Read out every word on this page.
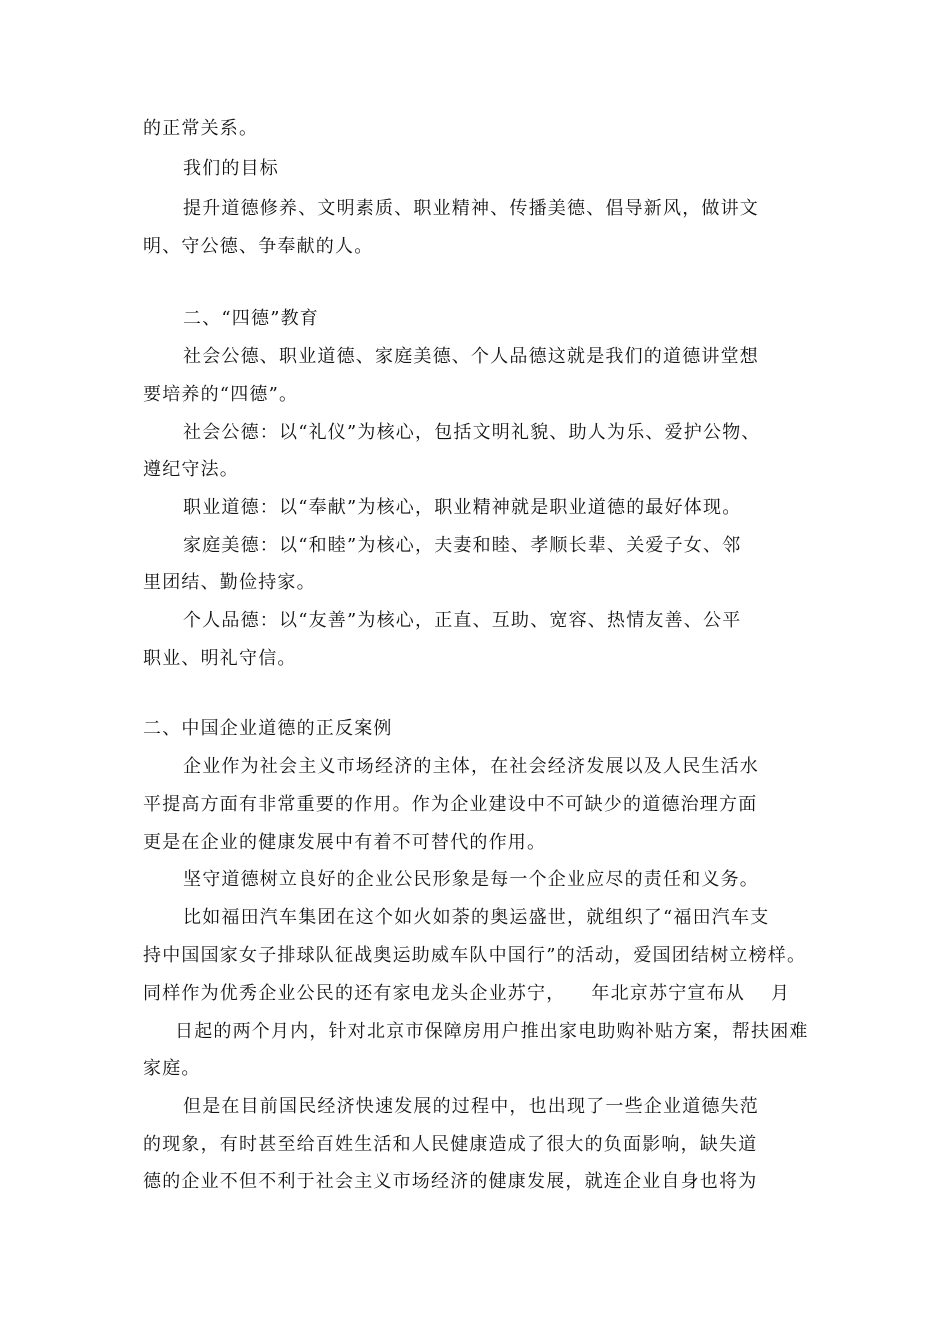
的正常关系。
我们的目标
提升道德修养、文明素质、职业精神、传播美德、倡导新风，做讲文
明、守公德、争奉献的人。
二、“四德”教育
社会公德、职业道德、家庭美德、个人品德这就是我们的道德讲堂想
要培养的“四德”。
社会公德：以“礼仪”为核心，包括文明礼貌、助人为乐、爱护公物、
遵纪守法。
职业道德：以“奉献”为核心，职业精神就是职业道德的最好体现。
家庭美德：以“和睦”为核心，夫妻和睦、孝顺长辈、关爱子女、邻
里团结、勤俭持家。
个人品德：以“友善”为核心，正直、互助、宽容、热情友善、公平
职业、明礼守信。
二、中国企业道德的正反案例
企业作为社会主义市场经济的主体，在社会经济发展以及人民生活水
平提高方面有非常重要的作用。作为企业建设中不可缺少的道德治理方面
更是在企业的健康发展中有着不可替代的作用。
坚守道德树立良好的企业公民形象是每一个企业应尽的责任和义务。
比如福田汽车集团在这个如火如荼的奥运盛世，就组织了“福田汽车支
持中国国家女子排球队征战奥运助威车队中国行”的活动，爱国团结树立榜样。
同样作为优秀企业公民的还有家电龙头企业苏宁， 年北京苏宁宣布从 月
日起的两个月内，针对北京市保障房用户推出家电助购补贴方案，帮扶困难
家庭。
但是在目前国民经济快速发展的过程中，也出现了一些企业道德失范
的现象，有时甚至给百姓生活和人民健康造成了很大的负面影响，缺失道
德的企业不但不利于社会主义市场经济的健康发展，就连企业自身也将为
